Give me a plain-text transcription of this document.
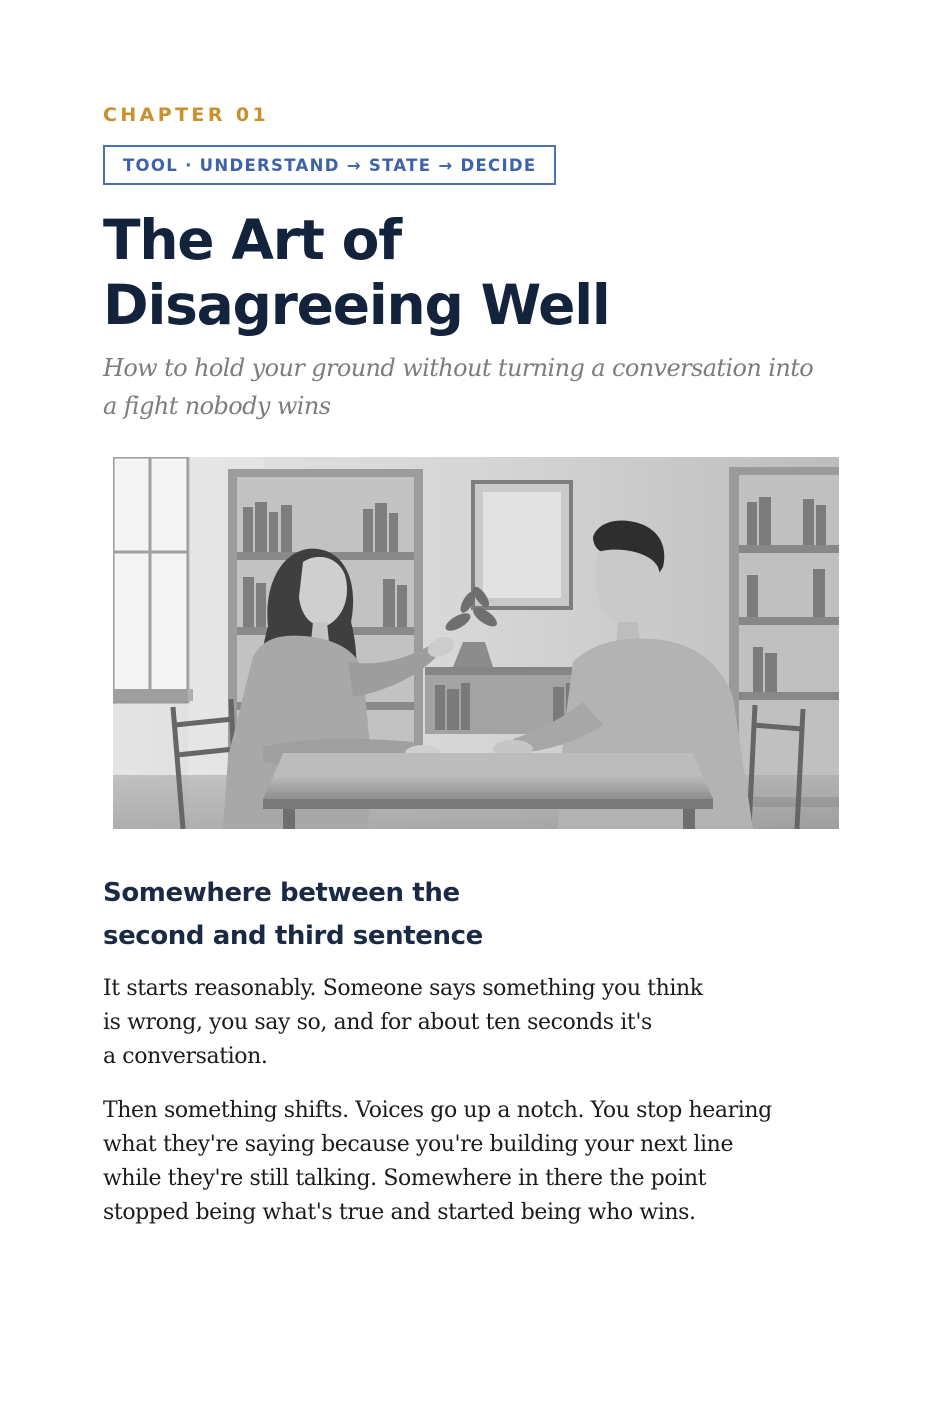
CHAPTER 01
TOOL · UNDERSTAND → STATE → DECIDE
The Art of
Disagreeing Well

How to hold your ground without turning a conversation into
a fight nobody wins

Somewhere between the
second and third sentence

It starts reasonably. Someone says something you think
is wrong, you say so, and for about ten seconds it's
a conversation.

Then something shifts. Voices go up a notch. You stop hearing
what they're saying because you're building your next line
while they're still talking. Somewhere in there the point
stopped being what's true and started being who wins.
